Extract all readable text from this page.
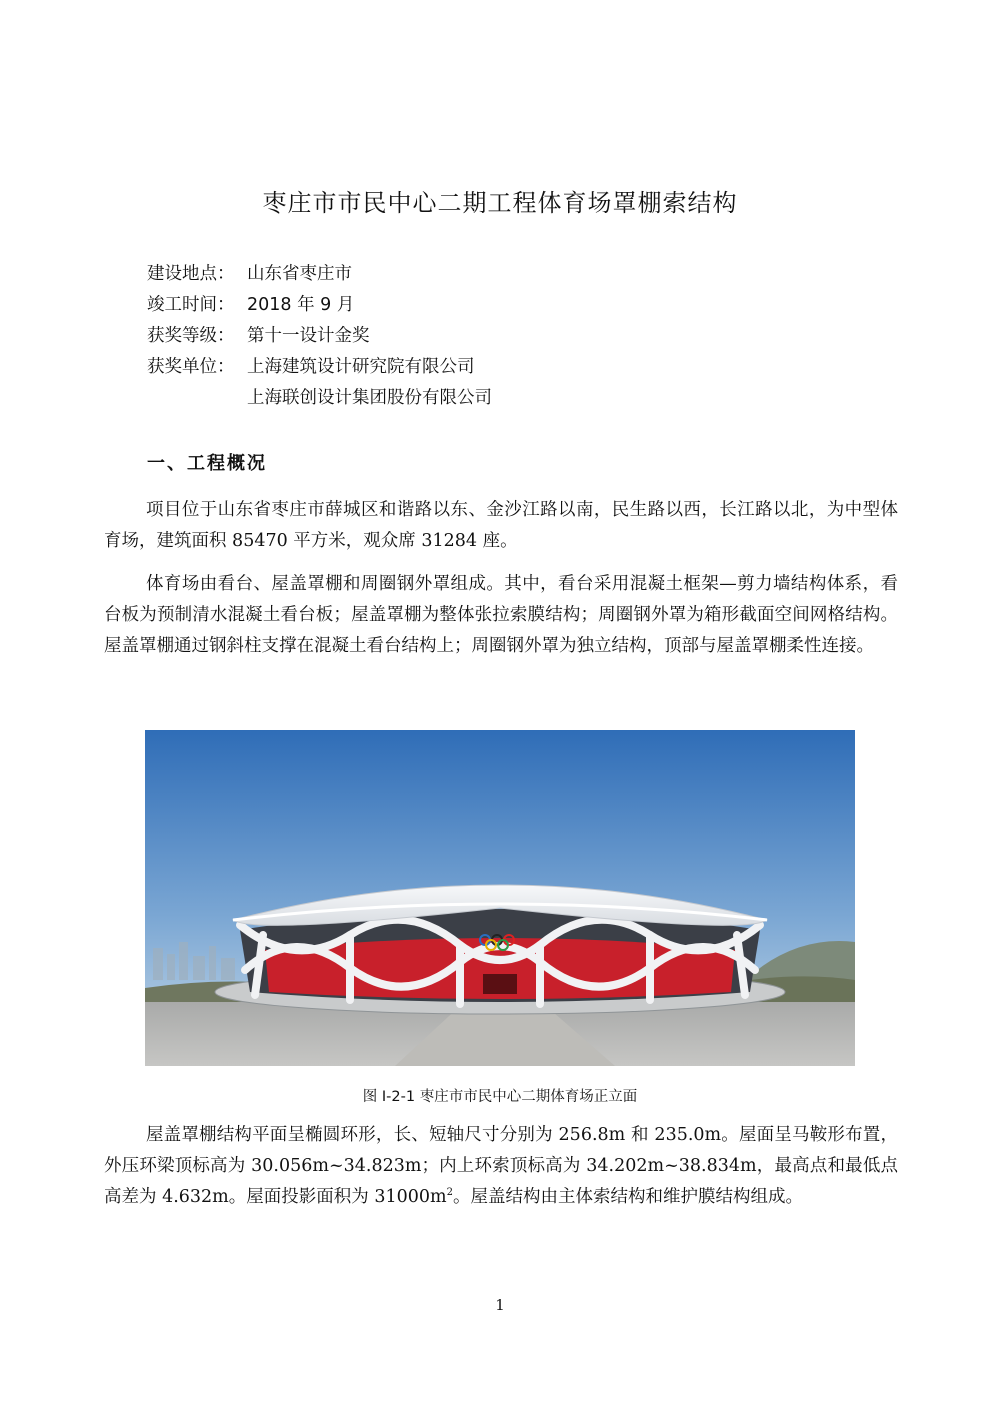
枣庄市市民中心二期工程体育场罩棚索结构
建设地点： 山东省枣庄市
竣工时间： 2018 年 9 月
获奖等级： 第十一设计金奖
获奖单位： 上海建筑设计研究院有限公司
上海联创设计集团股份有限公司
一、工程概况

项目位于山东省枣庄市薛城区和谐路以东、金沙江路以南，民生路以西，长江路以北，为中型体育场，建筑面积 85470 平方米，观众席 31284 座。

体育场由看台、屋盖罩棚和周圈钢外罩组成。其中，看台采用混凝土框架—剪力墙结构体系，看台板为预制清水混凝土看台板；屋盖罩棚为整体张拉索膜结构；周圈钢外罩为箱形截面空间网格结构。屋盖罩棚通过钢斜柱支撑在混凝土看台结构上；周圈钢外罩为独立结构，顶部与屋盖罩棚柔性连接。

图 I-2-1 枣庄市市民中心二期体育场正立面

屋盖罩棚结构平面呈椭圆环形，长、短轴尺寸分别为 256.8m 和 235.0m。屋面呈马鞍形布置，外压环梁顶标高为 30.056m~34.823m；内上环索顶标高为 34.202m~38.834m，最高点和最低点高差为 4.632m。屋面投影面积为 $31000m^2$。屋盖结构由主体索结构和维护膜结构组成。

1
